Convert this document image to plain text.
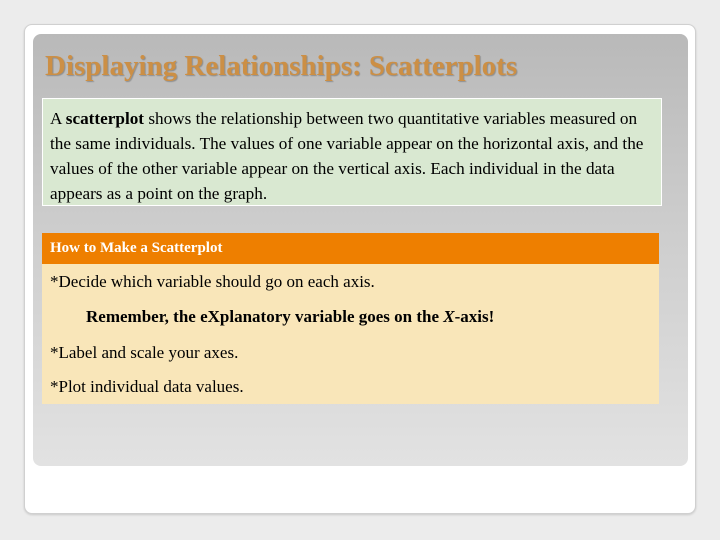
Displaying Relationships: Scatterplots
A scatterplot shows the relationship between two quantitative variables measured on the same individuals. The values of one variable appear on the horizontal axis, and the values of the other variable appear on the vertical axis. Each individual in the data appears as a point on the graph.
How to Make a Scatterplot
*Decide which variable should go on each axis.
Remember, the eXplanatory variable goes on the X-axis!
*Label and scale your axes.
*Plot individual data values.
